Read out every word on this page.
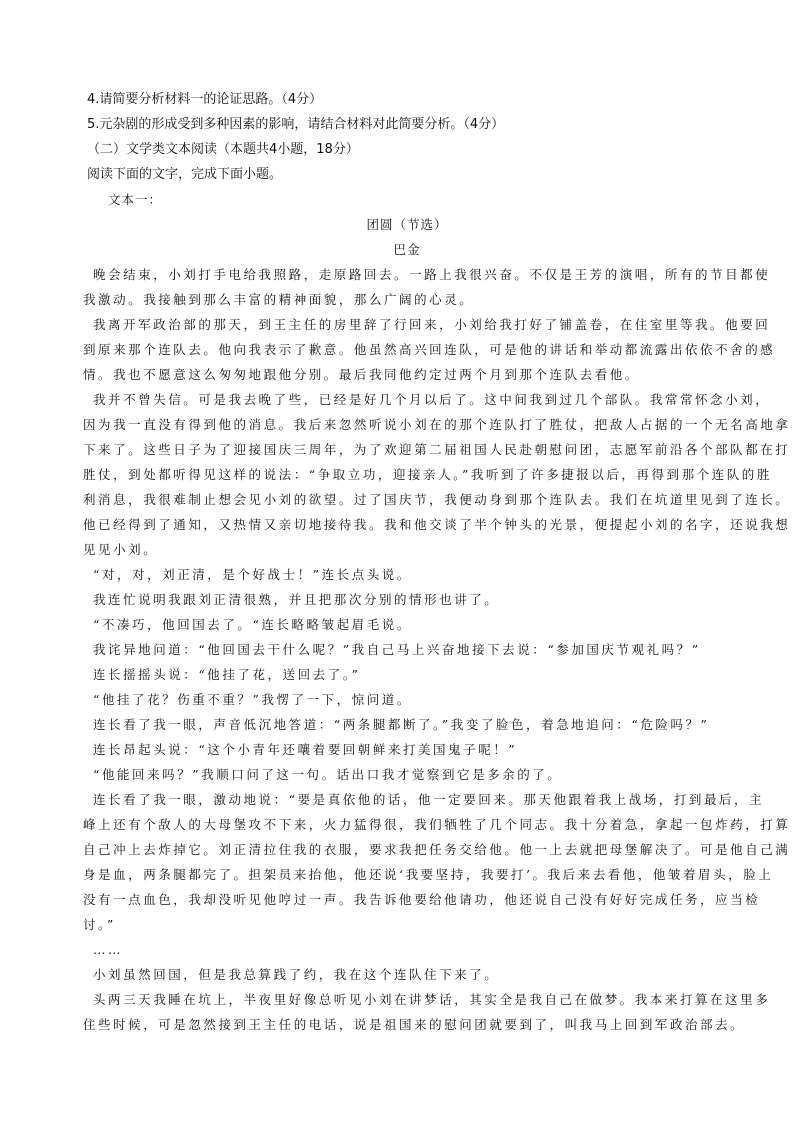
4.请简要分析材料一的论证思路。（4分）
5.元杂剧的形成受到多种因素的影响，请结合材料对此简要分析。（4分）
（二）文学类文本阅读（本题共4小题，18分）
阅读下面的文字，完成下面小题。
文本一：
团圆（节选）
巴金
晚会结束，小刘打手电给我照路，走原路回去。一路上我很兴奋。不仅是王芳的演唱，所有的节目都使
我激动。我接触到那么丰富的精神面貌，那么广阔的心灵。
我离开军政治部的那天，到王主任的房里辞了行回来，小刘给我打好了铺盖卷，在住室里等我。他要回
到原来那个连队去。他向我表示了歉意。他虽然高兴回连队，可是他的讲话和举动都流露出依依不舍的感
情。我也不愿意这么匆匆地跟他分别。最后我同他约定过两个月到那个连队去看他。
我并不曾失信。可是我去晚了些，已经是好几个月以后了。这中间我到过几个部队。我常常怀念小刘，
因为我一直没有得到他的消息。我后来忽然听说小刘在的那个连队打了胜仗，把敌人占据的一个无名高地拿
下来了。这些日子为了迎接国庆三周年，为了欢迎第二届祖国人民赴朝慰问团，志愿军前沿各个部队都在打
胜仗，到处都听得见这样的说法：“争取立功，迎接亲人。”我听到了许多捷报以后，再得到那个连队的胜
利消息，我很难制止想会见小刘的欲望。过了国庆节，我便动身到那个连队去。我们在坑道里见到了连长。
他已经得到了通知，又热情又亲切地接待我。我和他交谈了半个钟头的光景，便提起小刘的名字，还说我想
见见小刘。
“对，对，刘正清，是个好战士！”连长点头说。
我连忙说明我跟刘正清很熟，并且把那次分别的情形也讲了。
“不凑巧，他回国去了。“连长略略皱起眉毛说。
我诧异地问道：“他回国去干什么呢？”我自己马上兴奋地接下去说：“参加国庆节观礼吗？”
连长摇摇头说：“他挂了花，送回去了。”
“他挂了花？伤重不重？”我愣了一下，惊问道。
连长看了我一眼，声音低沉地答道：“两条腿都断了。”我变了脸色，着急地追问：“危险吗？”
连长昂起头说：“这个小青年还嚷着要回朝鲜来打美国鬼子呢！”
“他能回来吗？”我顺口问了这一句。话出口我才觉察到它是多余的了。
连长看了我一眼，激动地说：“要是真依他的话，他一定要回来。那天他跟着我上战场，打到最后，主
峰上还有个敌人的大母堡攻不下来，火力猛得很，我们牺牲了几个同志。我十分着急，拿起一包炸药，打算
自己冲上去炸掉它。刘正清拉住我的衣服，要求我把任务交给他。他一上去就把母堡解决了。可是他自己满
身是血，两条腿都完了。担架员来抬他，他还说‘我要坚持，我要打’。我后来去看他，他皱着眉头，脸上
没有一点血色，我却没听见他哼过一声。我告诉他要给他请功，他还说自己没有好好完成任务，应当检
讨。”
……
小刘虽然回国，但是我总算践了约，我在这个连队住下来了。
头两三天我睡在坑上，半夜里好像总听见小刘在讲梦话，其实全是我自己在做梦。我本来打算在这里多
住些时候，可是忽然接到王主任的电话，说是祖国来的慰问团就要到了，叫我马上回到军政治部去。
